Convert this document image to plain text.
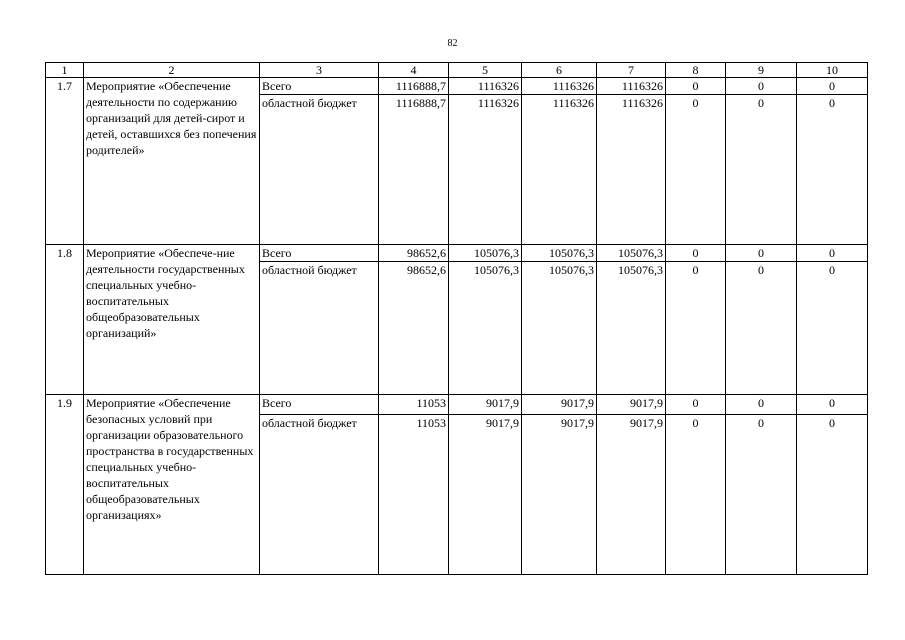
82
1	2	3	4	5	6	7	8	9	10
1.7	Мероприятие «Обеспечение деятельности по содержанию организаций для детей-сирот и детей, оставшихся без попечения родителей»	Всего	1116888,7	1116326	1116326	1116326	0	0	0
		областной бюджет	1116888,7	1116326	1116326	1116326	0	0	0
1.8	Мероприятие «Обеспече-ние деятельности государственных специальных учебно-воспитательных общеобразовательных организаций»	Всего	98652,6	105076,3	105076,3	105076,3	0	0	0
		областной бюджет	98652,6	105076,3	105076,3	105076,3	0	0	0
1.9	Мероприятие «Обеспечение безопасных условий при организации образовательного пространства в государственных специальных учебно-воспитательных общеобразовательных организациях»	Всего	11053	9017,9	9017,9	9017,9	0	0	0
		областной бюджет	11053	9017,9	9017,9	9017,9	0	0	0
